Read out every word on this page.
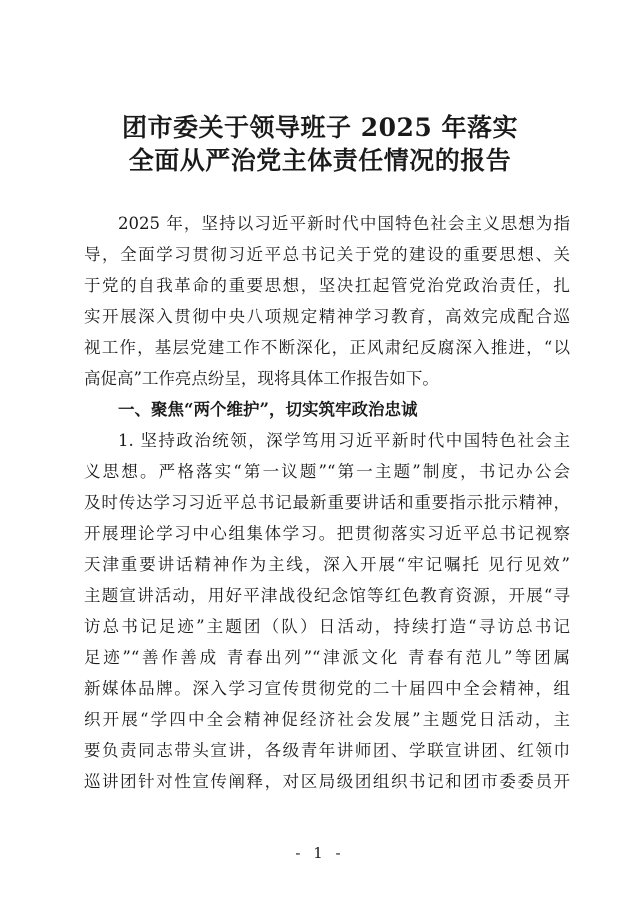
团市委关于领导班子 2025 年落实
全面从严治党主体责任情况的报告
2025 年，坚持以习近平新时代中国特色社会主义思想为指
导，全面学习贯彻习近平总书记关于党的建设的重要思想、关
于党的自我革命的重要思想，坚决扛起管党治党政治责任，扎
实开展深入贯彻中央八项规定精神学习教育，高效完成配合巡
视工作，基层党建工作不断深化，正风肃纪反腐深入推进，“以
高促高”工作亮点纷呈，现将具体工作报告如下。
一、聚焦“两个维护”，切实筑牢政治忠诚
1. 坚持政治统领，深学笃用习近平新时代中国特色社会主
义思想。严格落实“第一议题”“第一主题”制度，书记办公会
及时传达学习习近平总书记最新重要讲话和重要指示批示精神，
开展理论学习中心组集体学习。把贯彻落实习近平总书记视察
天津重要讲话精神作为主线，深入开展“牢记嘱托 见行见效”
主题宣讲活动，用好平津战役纪念馆等红色教育资源，开展“寻
访总书记足迹”主题团（队）日活动，持续打造“寻访总书记
足迹”“善作善成 青春出列”“津派文化 青春有范儿”等团属
新媒体品牌。深入学习宣传贯彻党的二十届四中全会精神，组
织开展“学四中全会精神促经济社会发展”主题党日活动，主
要负责同志带头宣讲，各级青年讲师团、学联宣讲团、红领巾
巡讲团针对性宣传阐释，对区局级团组织书记和团市委委员开
- 1 -
